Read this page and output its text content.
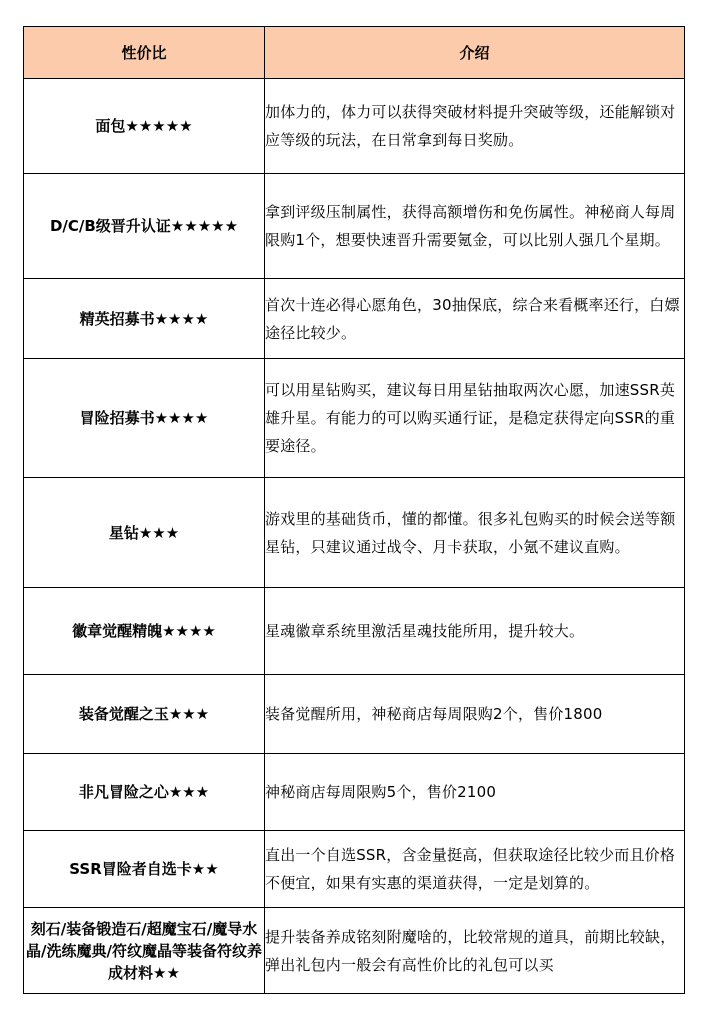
性价比	介绍
面包★★★★★	加体力的，体力可以获得突破材料提升突破等级，还能解锁对应等级的玩法，在日常拿到每日奖励。
D/C/B级晋升认证★★★★★	拿到评级压制属性，获得高额增伤和免伤属性。神秘商人每周限购1个，想要快速晋升需要氪金，可以比别人强几个星期。
精英招募书★★★★	首次十连必得心愿角色，30抽保底，综合来看概率还行，白嫖途径比较少。
冒险招募书★★★★	可以用星钻购买，建议每日用星钻抽取两次心愿，加速SSR英雄升星。有能力的可以购买通行证，是稳定获得定向SSR的重要途径。
星钻★★★	游戏里的基础货币，懂的都懂。很多礼包购买的时候会送等额星钻，只建议通过战令、月卡获取，小氪不建议直购。
徽章觉醒精魄★★★★	星魂徽章系统里激活星魂技能所用，提升较大。
装备觉醒之玉★★★	装备觉醒所用，神秘商店每周限购2个，售价1800
非凡冒险之心★★★	神秘商店每周限购5个，售价2100
SSR冒险者自选卡★★	直出一个自选SSR，含金量挺高，但获取途径比较少而且价格不便宜，如果有实惠的渠道获得，一定是划算的。
刻石/装备锻造石/超魔宝石/魔导水晶/洗练魔典/符纹魔晶等装备符纹养成材料★★	提升装备养成铭刻附魔啥的，比较常规的道具，前期比较缺，弹出礼包内一般会有高性价比的礼包可以买
